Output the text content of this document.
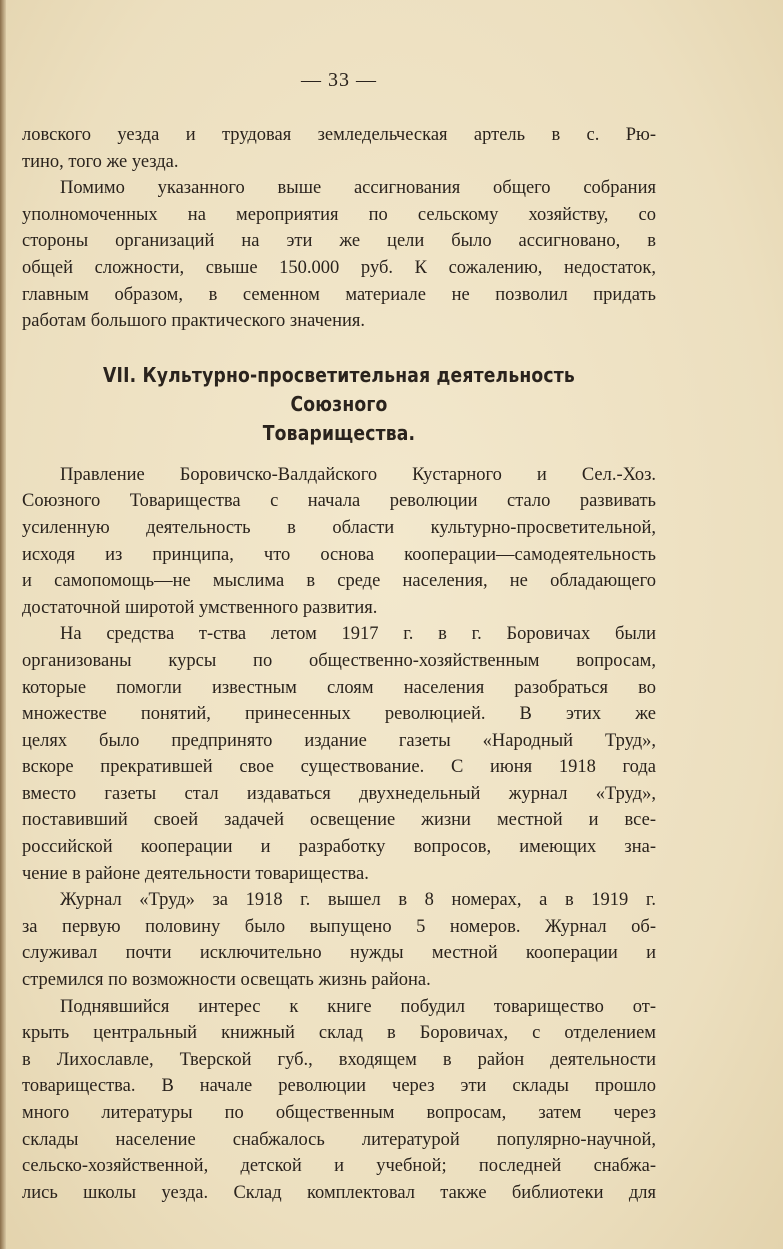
— 33 —

ловского уезда и трудовая земледельческая артель в с. Рю-
тино, того же уезда.

Помимо указанного выше ассигнования общего собрания
уполномоченных на мероприятия по сельскому хозяйству, со
стороны организаций на эти же цели было ассигновано, в
общей сложности, свыше 150.000 руб. К сожалению, недостаток,
главным образом, в семенном материале не позволил придать
работам большого практического значения.

VII. Культурно-просветительная деятельность Союзного
Товарищества.

Правление Боровичско-Валдайского Кустарного и Сел.-Хоз.
Союзного Товарищества с начала революции стало развивать
усиленную деятельность в области культурно-просветительной,
исходя из принципа, что основа кооперации—самодеятельность
и самопомощь—не мыслима в среде населения, не обладающего
достаточной широтой умственного развития.

На средства т-ства летом 1917 г. в г. Боровичах были
организованы курсы по общественно-хозяйственным вопросам,
которые помогли известным слоям населения разобраться во
множестве понятий, принесенных революцией. В этих же
целях было предпринято издание газеты «Народный Труд»,
вскоре прекратившей свое существование. С июня 1918 года
вместо газеты стал издаваться двухнедельный журнал «Труд»,
поставивший своей задачей освещение жизни местной и все-
российской кооперации и разработку вопросов, имеющих зна-
чение в районе деятельности товарищества.

Журнал «Труд» за 1918 г. вышел в 8 номерах, а в 1919 г.
за первую половину было выпущено 5 номеров. Журнал об-
служивал почти исключительно нужды местной кооперации и
стремился по возможности освещать жизнь района.

Поднявшийся интерес к книге побудил товарищество от-
крыть центральный книжный склад в Боровичах, с отделением
в Лихославле, Тверской губ., входящем в район деятельности
товарищества. В начале революции через эти склады прошло
много литературы по общественным вопросам, затем через
склады население снабжалось литературой популярно-научной,
сельско-хозяйственной, детской и учебной; последней снабжа-
лись школы уезда. Склад комплектовал также библиотеки для
